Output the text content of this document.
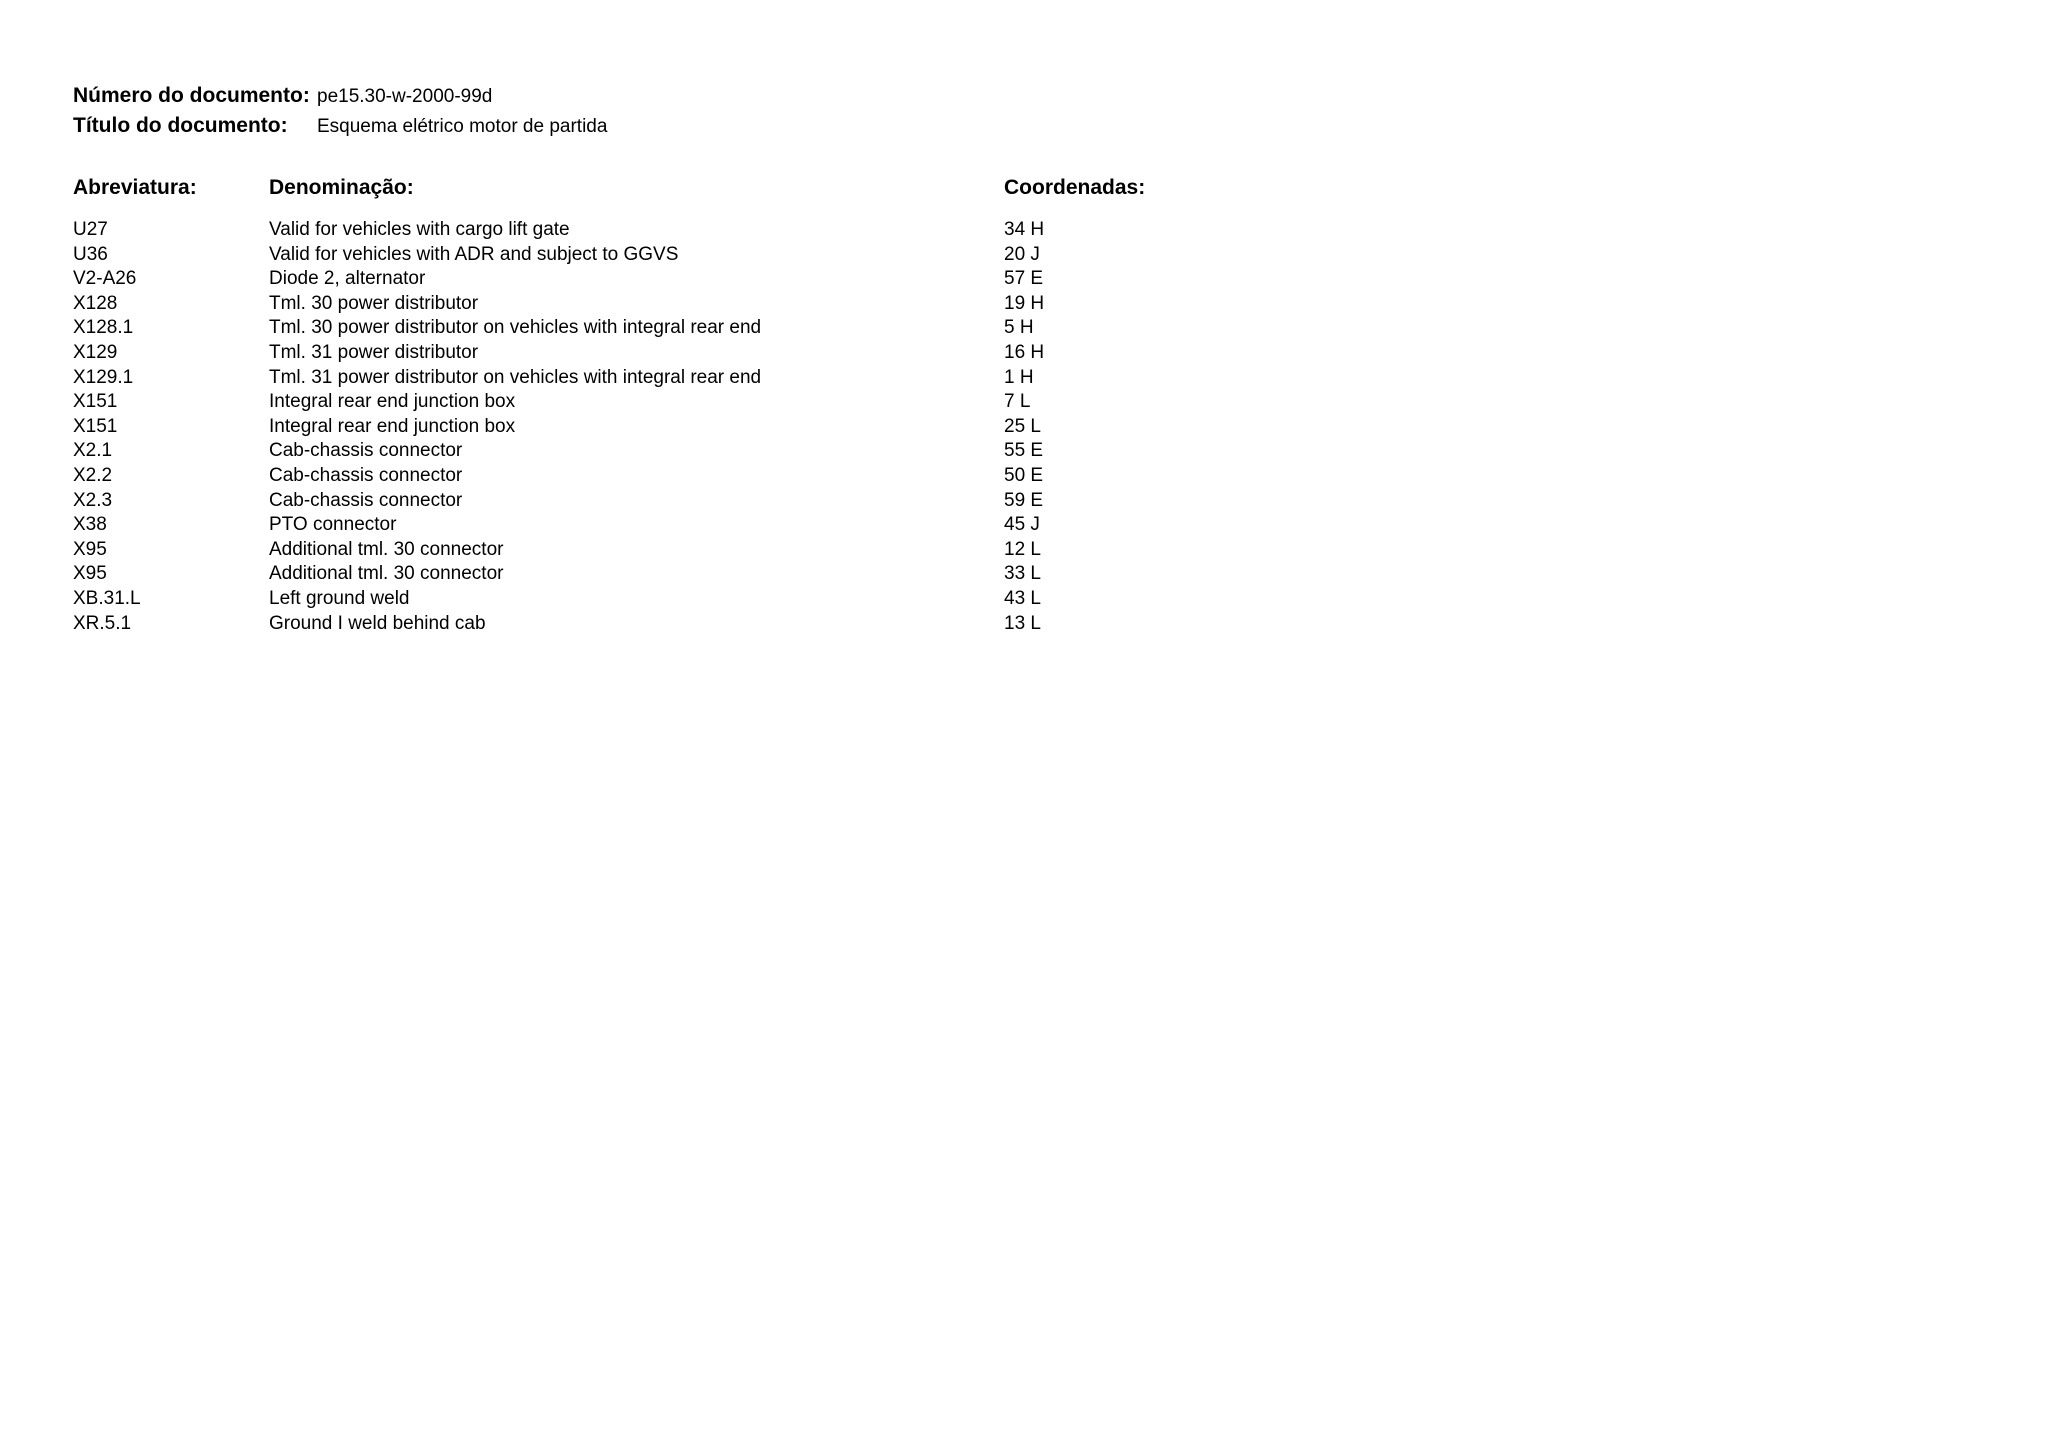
Número do documento: pe15.30-w-2000-99d
Título do documento: Esquema elétrico motor de partida
Abreviatura:	Denominação:	Coordenadas:
U27	Valid for vehicles with cargo lift gate	34 H
U36	Valid for vehicles with ADR and subject to GGVS	20 J
V2-A26	Diode 2, alternator	57 E
X128	Tml. 30 power distributor	19 H
X128.1	Tml. 30 power distributor on vehicles with integral rear end	5 H
X129	Tml. 31 power distributor	16 H
X129.1	Tml. 31 power distributor on vehicles with integral rear end	1 H
X151	Integral rear end junction box	7 L
X151	Integral rear end junction box	25 L
X2.1	Cab-chassis connector	55 E
X2.2	Cab-chassis connector	50 E
X2.3	Cab-chassis connector	59 E
X38	PTO connector	45 J
X95	Additional tml. 30 connector	12 L
X95	Additional tml. 30 connector	33 L
XB.31.L	Left ground weld	43 L
XR.5.1	Ground I weld behind cab	13 L
